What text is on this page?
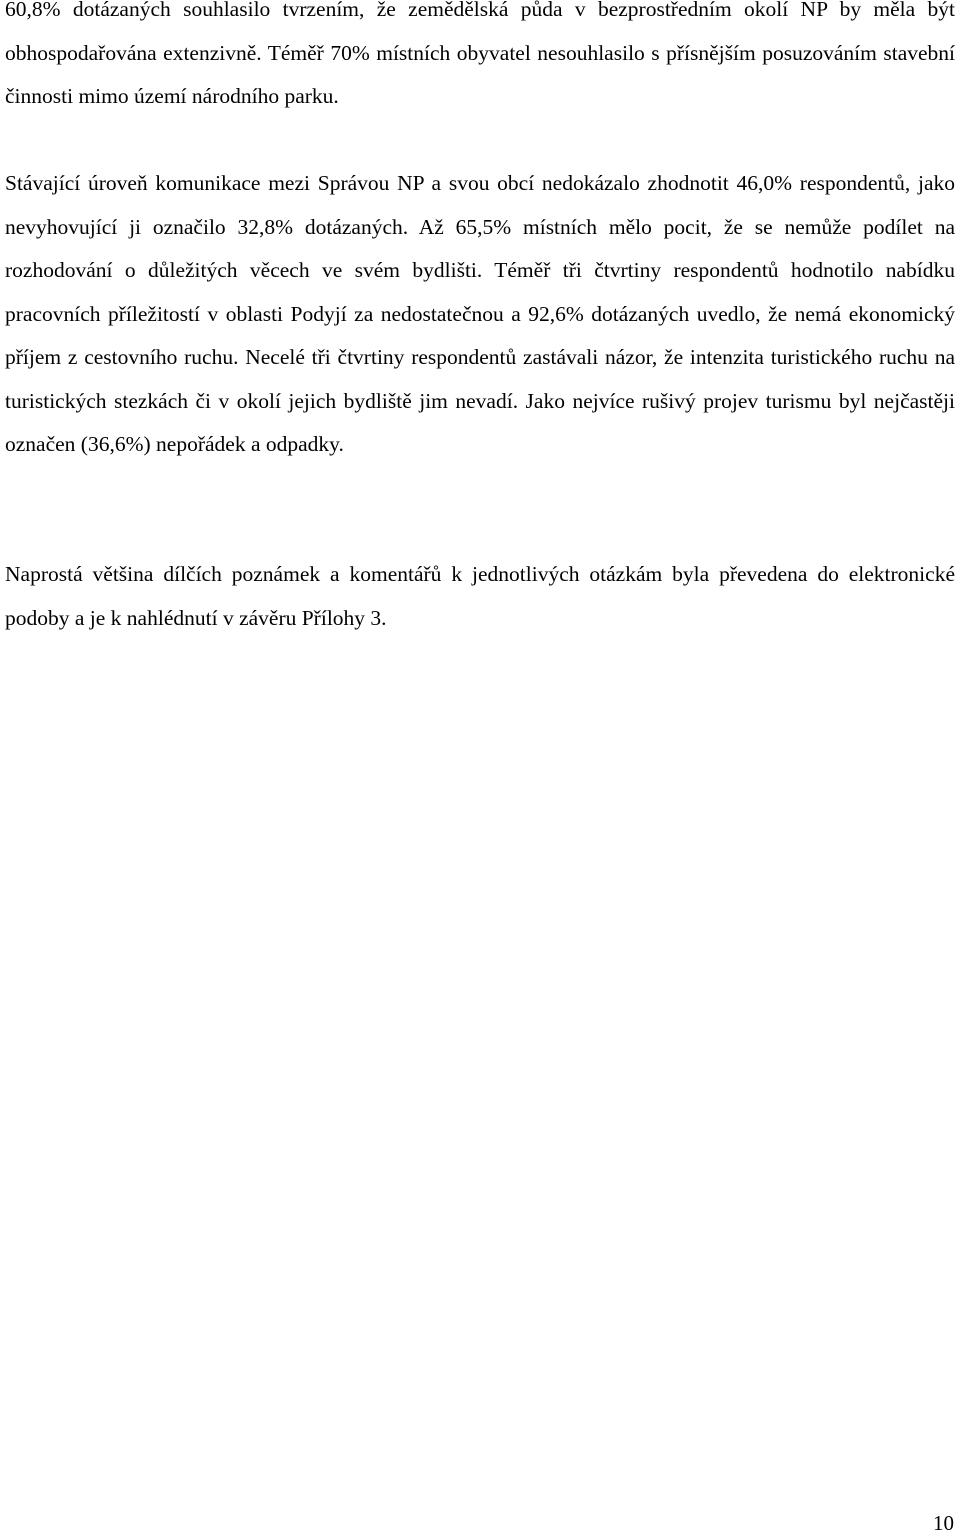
60,8% dotázaných souhlasilo tvrzením, že zemědělská půda v bezprostředním okolí NP by měla být obhospodařována extenzivně. Téměř 70% místních obyvatel nesouhlasilo s přísnějším posuzováním stavební činnosti mimo území národního parku.

Stávající úroveň komunikace mezi Správou NP a svou obcí nedokázalo zhodnotit 46,0% respondentů, jako nevyhovující ji označilo 32,8% dotázaných. Až 65,5% místních mělo pocit, že se nemůže podílet na rozhodování o důležitých věcech ve svém bydlišti. Téměř tři čtvrtiny respondentů hodnotilo nabídku pracovních příležitostí v oblasti Podyjí za nedostatečnou a 92,6% dotázaných uvedlo, že nemá ekonomický příjem z cestovního ruchu. Necelé tři čtvrtiny respondentů zastávali názor, že intenzita turistického ruchu na turistických stezkách či v okolí jejich bydliště jim nevadí. Jako nejvíce rušivý projev turismu byl nejčastěji označen (36,6%) nepořádek a odpadky.

Naprostá většina dílčích poznámek a komentářů k jednotlivých otázkám byla převedena do elektronické podoby a je k nahlédnutí v závěru Přílohy 3.

10
